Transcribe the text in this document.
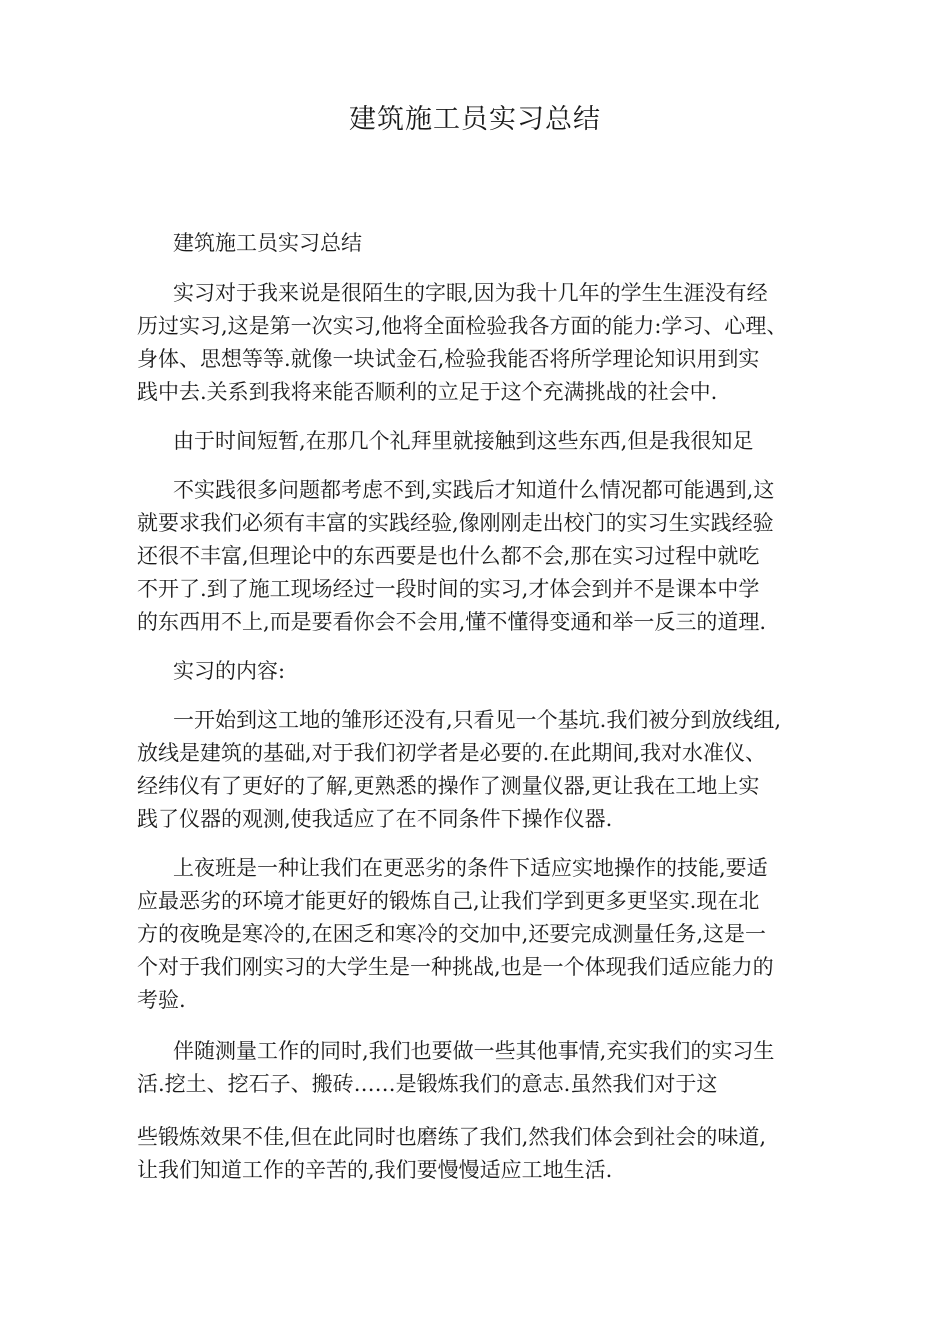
建筑施工员实习总结
建筑施工员实习总结
实习对于我来说是很陌生的字眼,因为我十几年的学生生涯没有经
历过实习,这是第一次实习,他将全面检验我各方面的能力:学习、心理、
身体、思想等等.就像一块试金石,检验我能否将所学理论知识用到实
践中去.关系到我将来能否顺利的立足于这个充满挑战的社会中.
由于时间短暂,在那几个礼拜里就接触到这些东西,但是我很知足
不实践很多问题都考虑不到,实践后才知道什么情况都可能遇到,这
就要求我们必须有丰富的实践经验,像刚刚走出校门的实习生实践经验
还很不丰富,但理论中的东西要是也什么都不会,那在实习过程中就吃
不开了.到了施工现场经过一段时间的实习,才体会到并不是课本中学
的东西用不上,而是要看你会不会用,懂不懂得变通和举一反三的道理.
实习的内容:
一开始到这工地的雏形还没有,只看见一个基坑.我们被分到放线组,
放线是建筑的基础,对于我们初学者是必要的.在此期间,我对水准仪、
经纬仪有了更好的了解,更熟悉的操作了测量仪器,更让我在工地上实
践了仪器的观测,使我适应了在不同条件下操作仪器.
上夜班是一种让我们在更恶劣的条件下适应实地操作的技能,要适
应最恶劣的环境才能更好的锻炼自己,让我们学到更多更坚实.现在北
方的夜晚是寒冷的,在困乏和寒冷的交加中,还要完成测量任务,这是一
个对于我们刚实习的大学生是一种挑战,也是一个体现我们适应能力的
考验.
伴随测量工作的同时,我们也要做一些其他事情,充实我们的实习生
活.挖土、挖石子、搬砖……是锻炼我们的意志.虽然我们对于这
些锻炼效果不佳,但在此同时也磨练了我们,然我们体会到社会的味道,
让我们知道工作的辛苦的,我们要慢慢适应工地生活.
